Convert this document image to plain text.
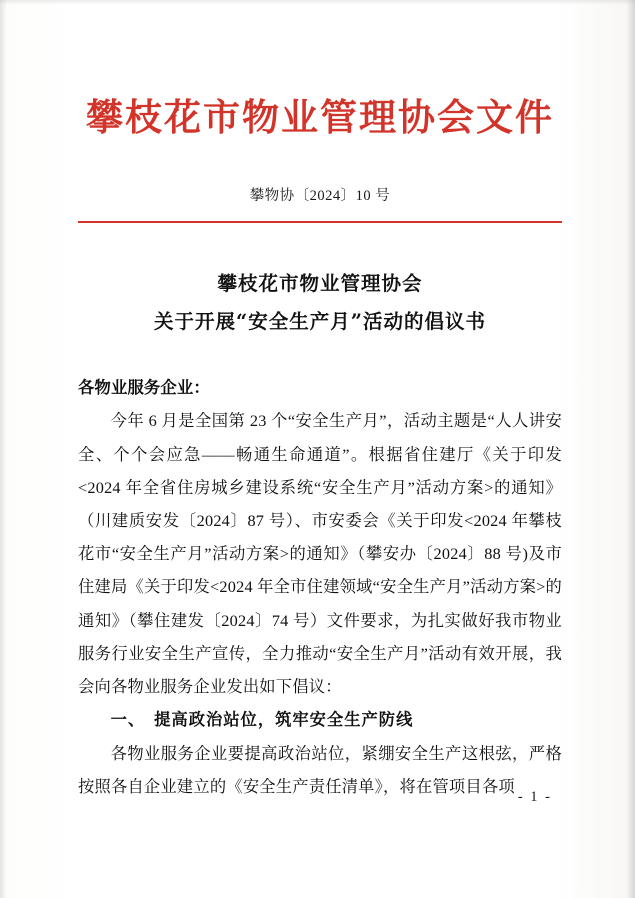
攀枝花市物业管理协会文件
攀物协〔2024〕10 号
攀枝花市物业管理协会
关于开展“安全生产月”活动的倡议书

各物业服务企业：

今年 6 月是全国第 23 个“安全生产月”，活动主题是“人人讲安全、个个会应急——畅通生命通道”。根据省住建厅《关于印发<2024 年全省住房城乡建设系统“安全生产月”活动方案>的通知》（川建质安发〔2024〕87 号）、市安委会《关于印发<2024 年攀枝花市“安全生产月”活动方案>的通知》（攀安办〔2024〕88 号)及市住建局《关于印发<2024 年全市住建领域“安全生产月”活动方案>的通知》（攀住建发〔2024〕74 号）文件要求，为扎实做好我市物业服务行业安全生产宣传，全力推动“安全生产月”活动有效开展，我会向各物业服务企业发出如下倡议：

一、 提高政治站位，筑牢安全生产防线

各物业服务企业要提高政治站位，紧绷安全生产这根弦，严格按照各自企业建立的《安全生产责任清单》，将在管项目各项

- 1 -
